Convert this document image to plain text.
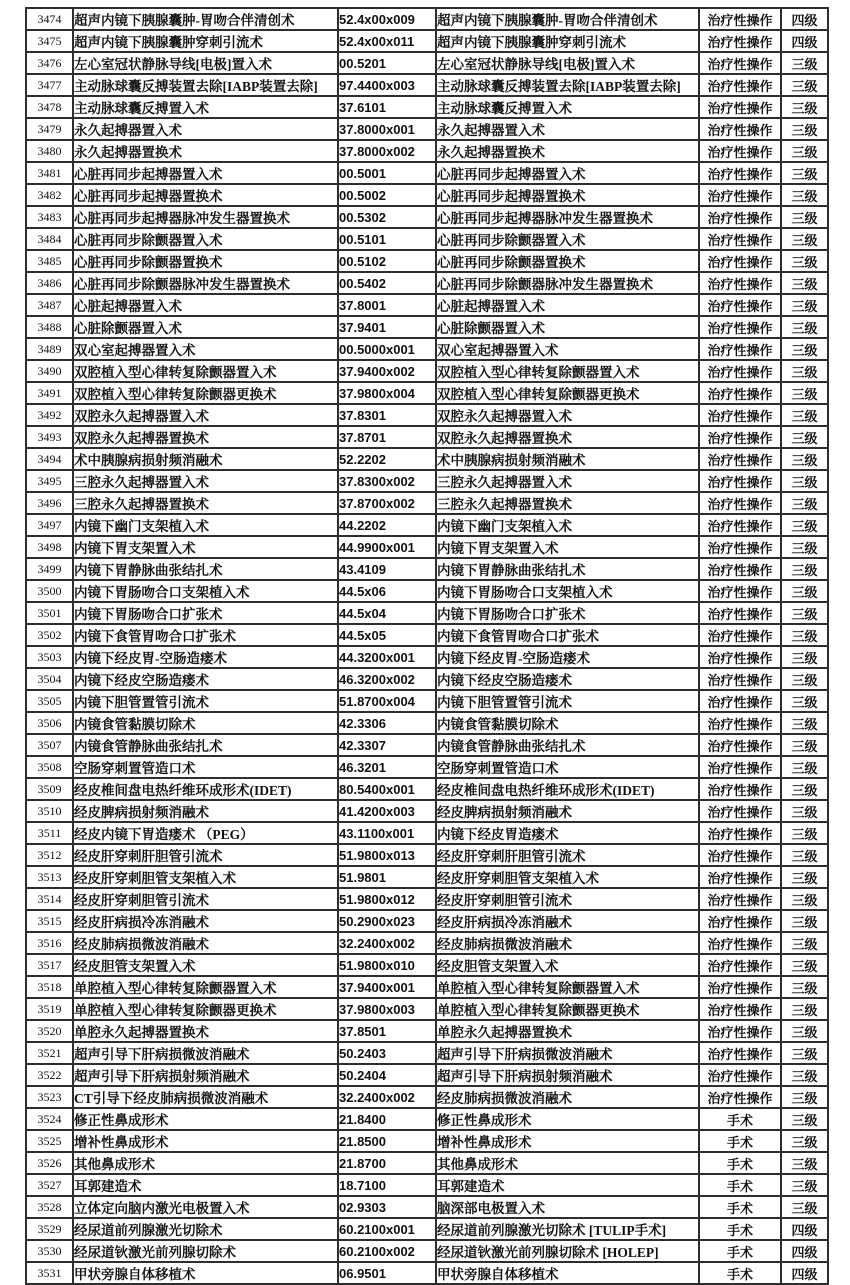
3474	超声内镜下胰腺囊肿-胃吻合伴清创术	52.4x00x009	超声内镜下胰腺囊肿-胃吻合伴清创术	治疗性操作	四级
3475	超声内镜下胰腺囊肿穿刺引流术	52.4x00x011	超声内镜下胰腺囊肿穿刺引流术	治疗性操作	四级
3476	左心室冠状静脉导线[电极]置入术	00.5201	左心室冠状静脉导线[电极]置入术	治疗性操作	三级
3477	主动脉球囊反搏装置去除[IABP装置去除]	97.4400x003	主动脉球囊反搏装置去除[IABP装置去除]	治疗性操作	三级
3478	主动脉球囊反搏置入术	37.6101	主动脉球囊反搏置入术	治疗性操作	三级
3479	永久起搏器置入术	37.8000x001	永久起搏器置入术	治疗性操作	三级
3480	永久起搏器置换术	37.8000x002	永久起搏器置换术	治疗性操作	三级
3481	心脏再同步起搏器置入术	00.5001	心脏再同步起搏器置入术	治疗性操作	三级
3482	心脏再同步起搏器置换术	00.5002	心脏再同步起搏器置换术	治疗性操作	三级
3483	心脏再同步起搏器脉冲发生器置换术	00.5302	心脏再同步起搏器脉冲发生器置换术	治疗性操作	三级
3484	心脏再同步除颤器置入术	00.5101	心脏再同步除颤器置入术	治疗性操作	三级
3485	心脏再同步除颤器置换术	00.5102	心脏再同步除颤器置换术	治疗性操作	三级
3486	心脏再同步除颤器脉冲发生器置换术	00.5402	心脏再同步除颤器脉冲发生器置换术	治疗性操作	三级
3487	心脏起搏器置入术	37.8001	心脏起搏器置入术	治疗性操作	三级
3488	心脏除颤器置入术	37.9401	心脏除颤器置入术	治疗性操作	三级
3489	双心室起搏器置入术	00.5000x001	双心室起搏器置入术	治疗性操作	三级
3490	双腔植入型心律转复除颤器置入术	37.9400x002	双腔植入型心律转复除颤器置入术	治疗性操作	三级
3491	双腔植入型心律转复除颤器更换术	37.9800x004	双腔植入型心律转复除颤器更换术	治疗性操作	三级
3492	双腔永久起搏器置入术	37.8301	双腔永久起搏器置入术	治疗性操作	三级
3493	双腔永久起搏器置换术	37.8701	双腔永久起搏器置换术	治疗性操作	三级
3494	术中胰腺病损射频消融术	52.2202	术中胰腺病损射频消融术	治疗性操作	三级
3495	三腔永久起搏器置入术	37.8300x002	三腔永久起搏器置入术	治疗性操作	三级
3496	三腔永久起搏器置换术	37.8700x002	三腔永久起搏器置换术	治疗性操作	三级
3497	内镜下幽门支架植入术	44.2202	内镜下幽门支架植入术	治疗性操作	三级
3498	内镜下胃支架置入术	44.9900x001	内镜下胃支架置入术	治疗性操作	三级
3499	内镜下胃静脉曲张结扎术	43.4109	内镜下胃静脉曲张结扎术	治疗性操作	三级
3500	内镜下胃肠吻合口支架植入术	44.5x06	内镜下胃肠吻合口支架植入术	治疗性操作	三级
3501	内镜下胃肠吻合口扩张术	44.5x04	内镜下胃肠吻合口扩张术	治疗性操作	三级
3502	内镜下食管胃吻合口扩张术	44.5x05	内镜下食管胃吻合口扩张术	治疗性操作	三级
3503	内镜下经皮胃-空肠造瘘术	44.3200x001	内镜下经皮胃-空肠造瘘术	治疗性操作	三级
3504	内镜下经皮空肠造瘘术	46.3200x002	内镜下经皮空肠造瘘术	治疗性操作	三级
3505	内镜下胆管置管引流术	51.8700x004	内镜下胆管置管引流术	治疗性操作	三级
3506	内镜食管黏膜切除术	42.3306	内镜食管黏膜切除术	治疗性操作	三级
3507	内镜食管静脉曲张结扎术	42.3307	内镜食管静脉曲张结扎术	治疗性操作	三级
3508	空肠穿刺置管造口术	46.3201	空肠穿刺置管造口术	治疗性操作	三级
3509	经皮椎间盘电热纤维环成形术(IDET)	80.5400x001	经皮椎间盘电热纤维环成形术(IDET)	治疗性操作	三级
3510	经皮脾病损射频消融术	41.4200x003	经皮脾病损射频消融术	治疗性操作	三级
3511	经皮内镜下胃造瘘术 （PEG）	43.1100x001	内镜下经皮胃造瘘术	治疗性操作	三级
3512	经皮肝穿刺肝胆管引流术	51.9800x013	经皮肝穿刺肝胆管引流术	治疗性操作	三级
3513	经皮肝穿刺胆管支架植入术	51.9801	经皮肝穿刺胆管支架植入术	治疗性操作	三级
3514	经皮肝穿刺胆管引流术	51.9800x012	经皮肝穿刺胆管引流术	治疗性操作	三级
3515	经皮肝病损冷冻消融术	50.2900x023	经皮肝病损冷冻消融术	治疗性操作	三级
3516	经皮肺病损微波消融术	32.2400x002	经皮肺病损微波消融术	治疗性操作	三级
3517	经皮胆管支架置入术	51.9800x010	经皮胆管支架置入术	治疗性操作	三级
3518	单腔植入型心律转复除颤器置入术	37.9400x001	单腔植入型心律转复除颤器置入术	治疗性操作	三级
3519	单腔植入型心律转复除颤器更换术	37.9800x003	单腔植入型心律转复除颤器更换术	治疗性操作	三级
3520	单腔永久起搏器置换术	37.8501	单腔永久起搏器置换术	治疗性操作	三级
3521	超声引导下肝病损微波消融术	50.2403	超声引导下肝病损微波消融术	治疗性操作	三级
3522	超声引导下肝病损射频消融术	50.2404	超声引导下肝病损射频消融术	治疗性操作	三级
3523	CT引导下经皮肺病损微波消融术	32.2400x002	经皮肺病损微波消融术	治疗性操作	三级
3524	修正性鼻成形术	21.8400	修正性鼻成形术	手术	三级
3525	增补性鼻成形术	21.8500	增补性鼻成形术	手术	三级
3526	其他鼻成形术	21.8700	其他鼻成形术	手术	三级
3527	耳郭建造术	18.7100	耳郭建造术	手术	三级
3528	立体定向脑内激光电极置入术	02.9303	脑深部电极置入术	手术	三级
3529	经尿道前列腺激光切除术	60.2100x001	经尿道前列腺激光切除术 [TULIP手术]	手术	四级
3530	经尿道钬激光前列腺切除术	60.2100x002	经尿道钬激光前列腺切除术 [HOLEP]	手术	四级
3531	甲状旁腺自体移植术	06.9501	甲状旁腺自体移植术	手术	四级
